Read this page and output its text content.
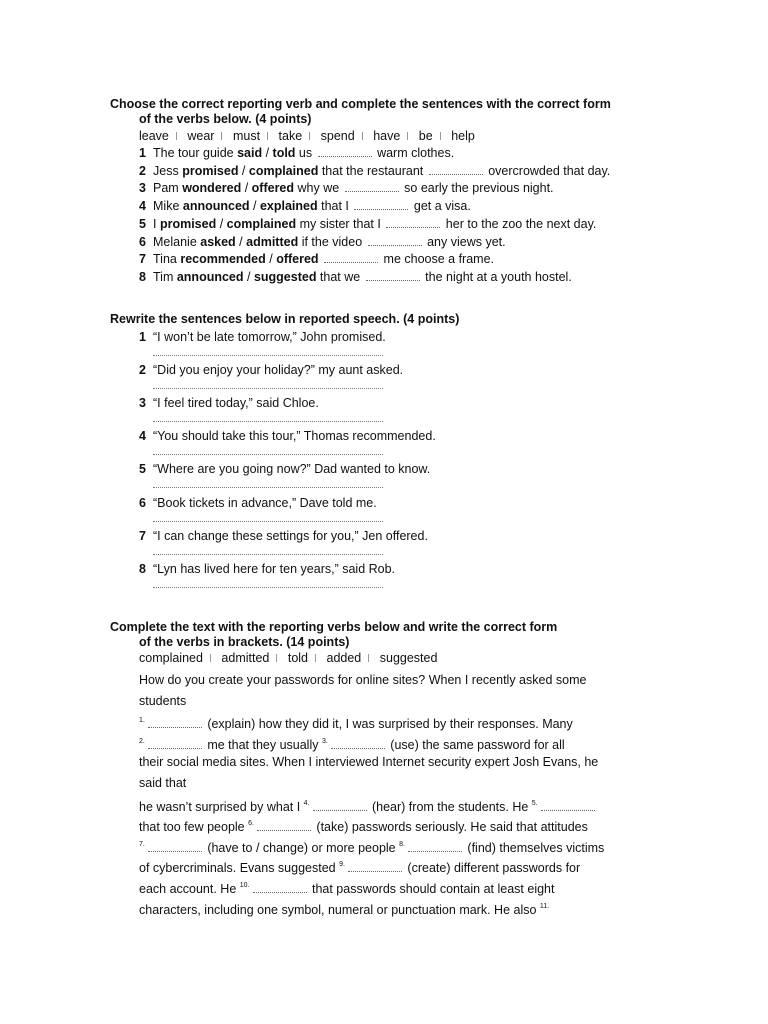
Choose the correct reporting verb and complete the sentences with the correct form
of the verbs below. (4 points)
leave wear must take spend have be help
1 The tour guide said / told us	warm clothes.
2 Jess promised / complained that the restaurant	overcrowded that day.
3 Pam wondered / offered why we	so early the previous night.
4 Mike announced / explained that I	get a visa.
5 I promised / complained my sister that I	her to the zoo the next day.
6 Melanie asked / admitted if the video	any views yet.
7 Tina recommended / offered	me choose a frame.
8 Tim announced / suggested that we	the night at a youth hostel.
Rewrite the sentences below in reported speech. (4 points)
1 “I won’t be late tomorrow,” John promised.
2 “Did you enjoy your holiday?” my aunt asked.
3 “I feel tired today,” said Chloe.
4 “You should take this tour,” Thomas recommended.
5 “Where are you going now?” Dad wanted to know.
6 “Book tickets in advance,” Dave told me.
7 “I can change these settings for you,” Jen offered.
8 “Lyn has lived here for ten years,” said Rob.
Complete the text with the reporting verbs below and write the correct form
of the verbs in brackets. (14 points)
complained admitted told added suggested
How do you create your passwords for online sites? When I recently asked some
students
$^{1.}$	(explain) how they did it, I was surprised by their responses. Many
$^{2.}$	me that they usually $^{3.}$	(use) the same password for all
their social media sites. When I interviewed Internet security expert Josh Evans, he
said that
he wasn’t surprised by what I $^{4.}$	(hear) from the students. He $^{5.}$
that too few people $^{6.}$	(take) passwords seriously. He said that attitudes
$^{7.}$	(have to / change) or more people $^{8.}$	(find) themselves victims
of cybercriminals. Evans suggested $^{9.}$	(create) different passwords for
each account. He $^{10.}$	that passwords should contain at least eight
characters, including one symbol, numeral or punctuation mark. He also $^{11.}$
